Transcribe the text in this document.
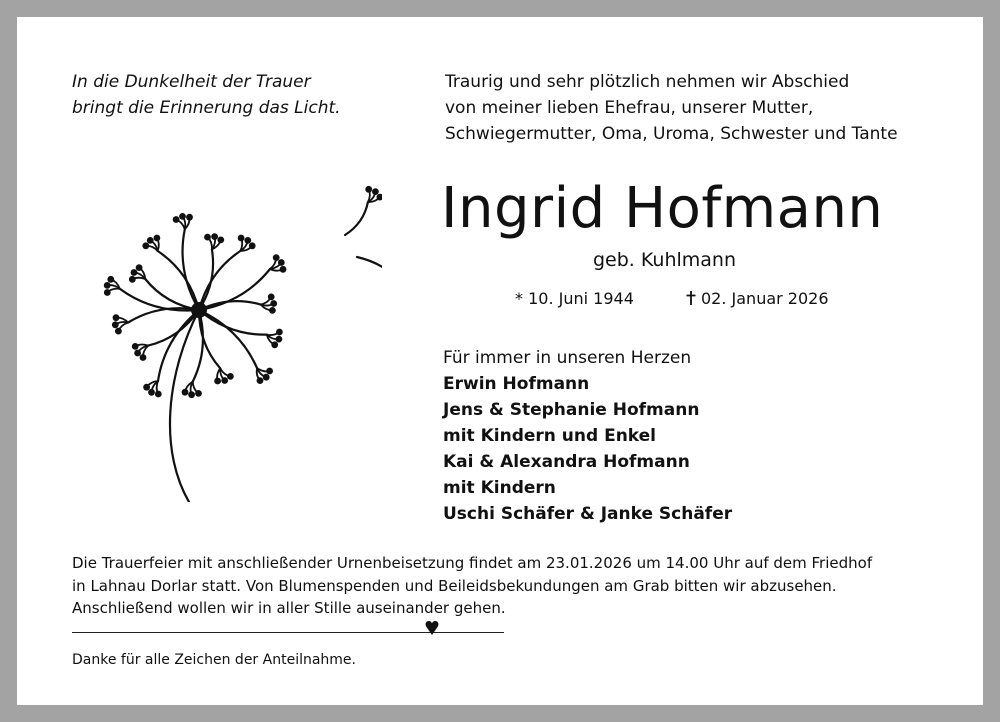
In die Dunkelheit der Trauer
bringt die Erinnerung das Licht.
Traurig und sehr plötzlich nehmen wir Abschied
von meiner lieben Ehefrau, unserer Mutter,
Schwiegermutter, Oma, Uroma, Schwester und Tante
Ingrid Hofmann
geb. Kuhlmann
* 10. Juni 1944	02. Januar 2026
Für immer in unseren Herzen
Erwin Hofmann
Jens & Stephanie Hofmann
mit Kindern und Enkel
Kai & Alexandra Hofmann
mit Kindern
Uschi Schäfer & Janke Schäfer
Die Trauerfeier mit anschließender Urnenbeisetzung findet am 23.01.2026 um 14.00 Uhr auf dem Friedhof
in Lahnau Dorlar statt. Von Blumenspenden und Beileidsbekundungen am Grab bitten wir abzusehen.
Anschließend wollen wir in aller Stille auseinander gehen.
Danke für alle Zeichen der Anteilnahme.
